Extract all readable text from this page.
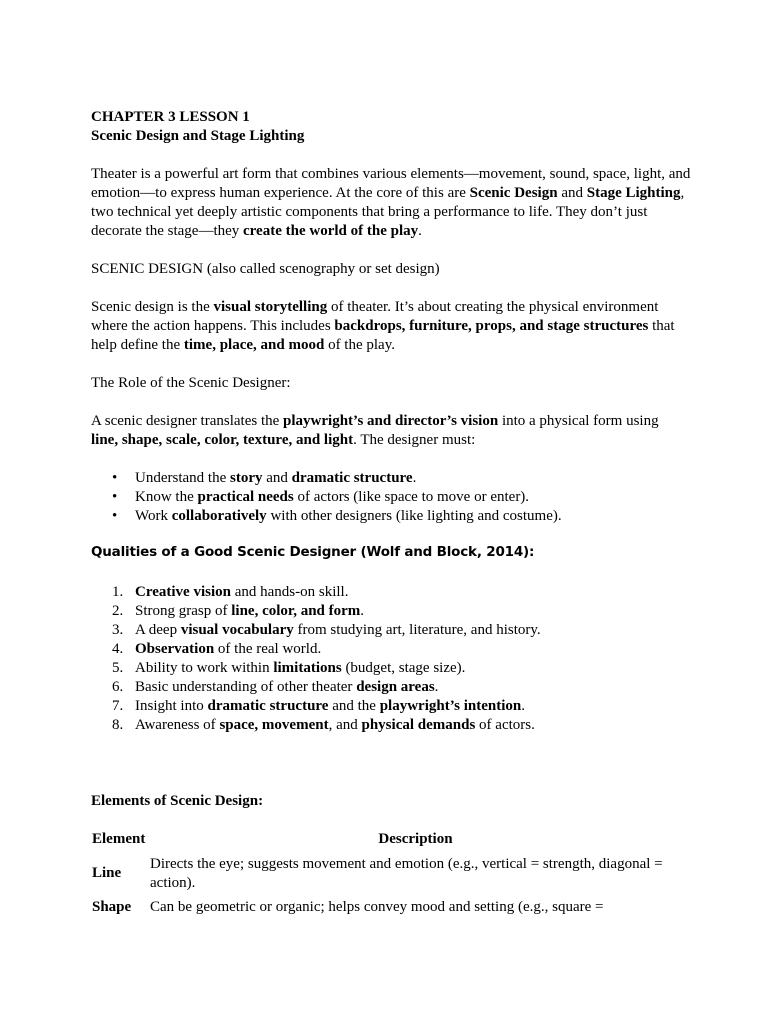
CHAPTER 3 LESSON 1

Scenic Design and Stage Lighting

Theater is a powerful art form that combines various elements—movement, sound, space, light, and emotion—to express human experience. At the core of this are Scenic Design and Stage Lighting, two technical yet deeply artistic components that bring a performance to life. They don’t just decorate the stage—they create the world of the play.

SCENIC DESIGN (also called scenography or set design)

Scenic design is the visual storytelling of theater. It’s about creating the physical environment where the action happens. This includes backdrops, furniture, props, and stage structures that help define the time, place, and mood of the play.

The Role of the Scenic Designer:

A scenic designer translates the playwright’s and director’s vision into a physical form using line, shape, scale, color, texture, and light. The designer must:

• Understand the story and dramatic structure.
• Know the practical needs of actors (like space to move or enter).
• Work collaboratively with other designers (like lighting and costume).

Qualities of a Good Scenic Designer (Wolf and Block, 2014):

1. Creative vision and hands-on skill.
2. Strong grasp of line, color, and form.
3. A deep visual vocabulary from studying art, literature, and history.
4. Observation of the real world.
5. Ability to work within limitations (budget, stage size).
6. Basic understanding of other theater design areas.
7. Insight into dramatic structure and the playwright’s intention.
8. Awareness of space, movement, and physical demands of actors.

Elements of Scenic Design:

Element	Description
Line	Directs the eye; suggests movement and emotion (e.g., vertical = strength, diagonal = action).
Shape	Can be geometric or organic; helps convey mood and setting (e.g., square =
